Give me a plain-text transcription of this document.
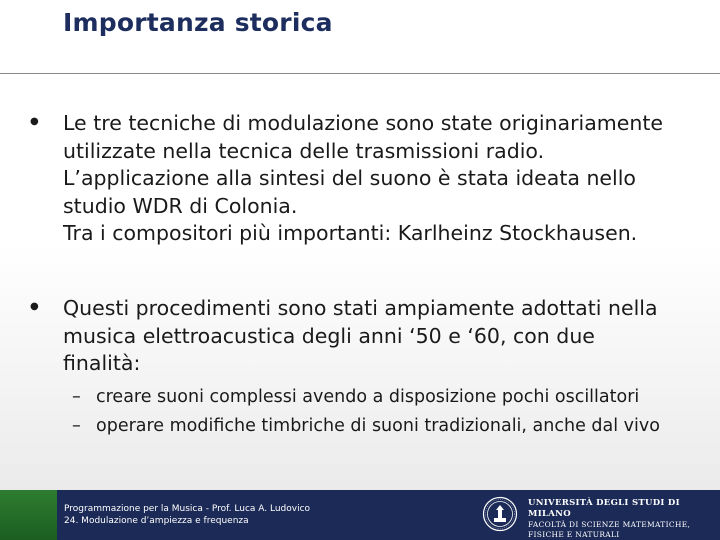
Importanza storica
● Le tre tecniche di modulazione sono state originariamente
utilizzate nella tecnica delle trasmissioni radio.
L’applicazione alla sintesi del suono è stata ideata nello
studio WDR di Colonia.
Tra i compositori più importanti: Karlheinz Stockhausen.
● Questi procedimenti sono stati ampiamente adottati nella
musica elettroacustica degli anni ‘50 e ‘60, con due
finalità:
– creare suoni complessi avendo a disposizione pochi oscillatori
– operare modifiche timbriche di suoni tradizionali, anche dal vivo
Programmazione per la Musica - Prof. Luca A. Ludovico
24. Modulazione d’ampiezza e frequenza
UNIVERSITÀ DEGLI STUDI DI MILANO
FACOLTÀ DI SCIENZE MATEMATICHE,
FISICHE E NATURALI
